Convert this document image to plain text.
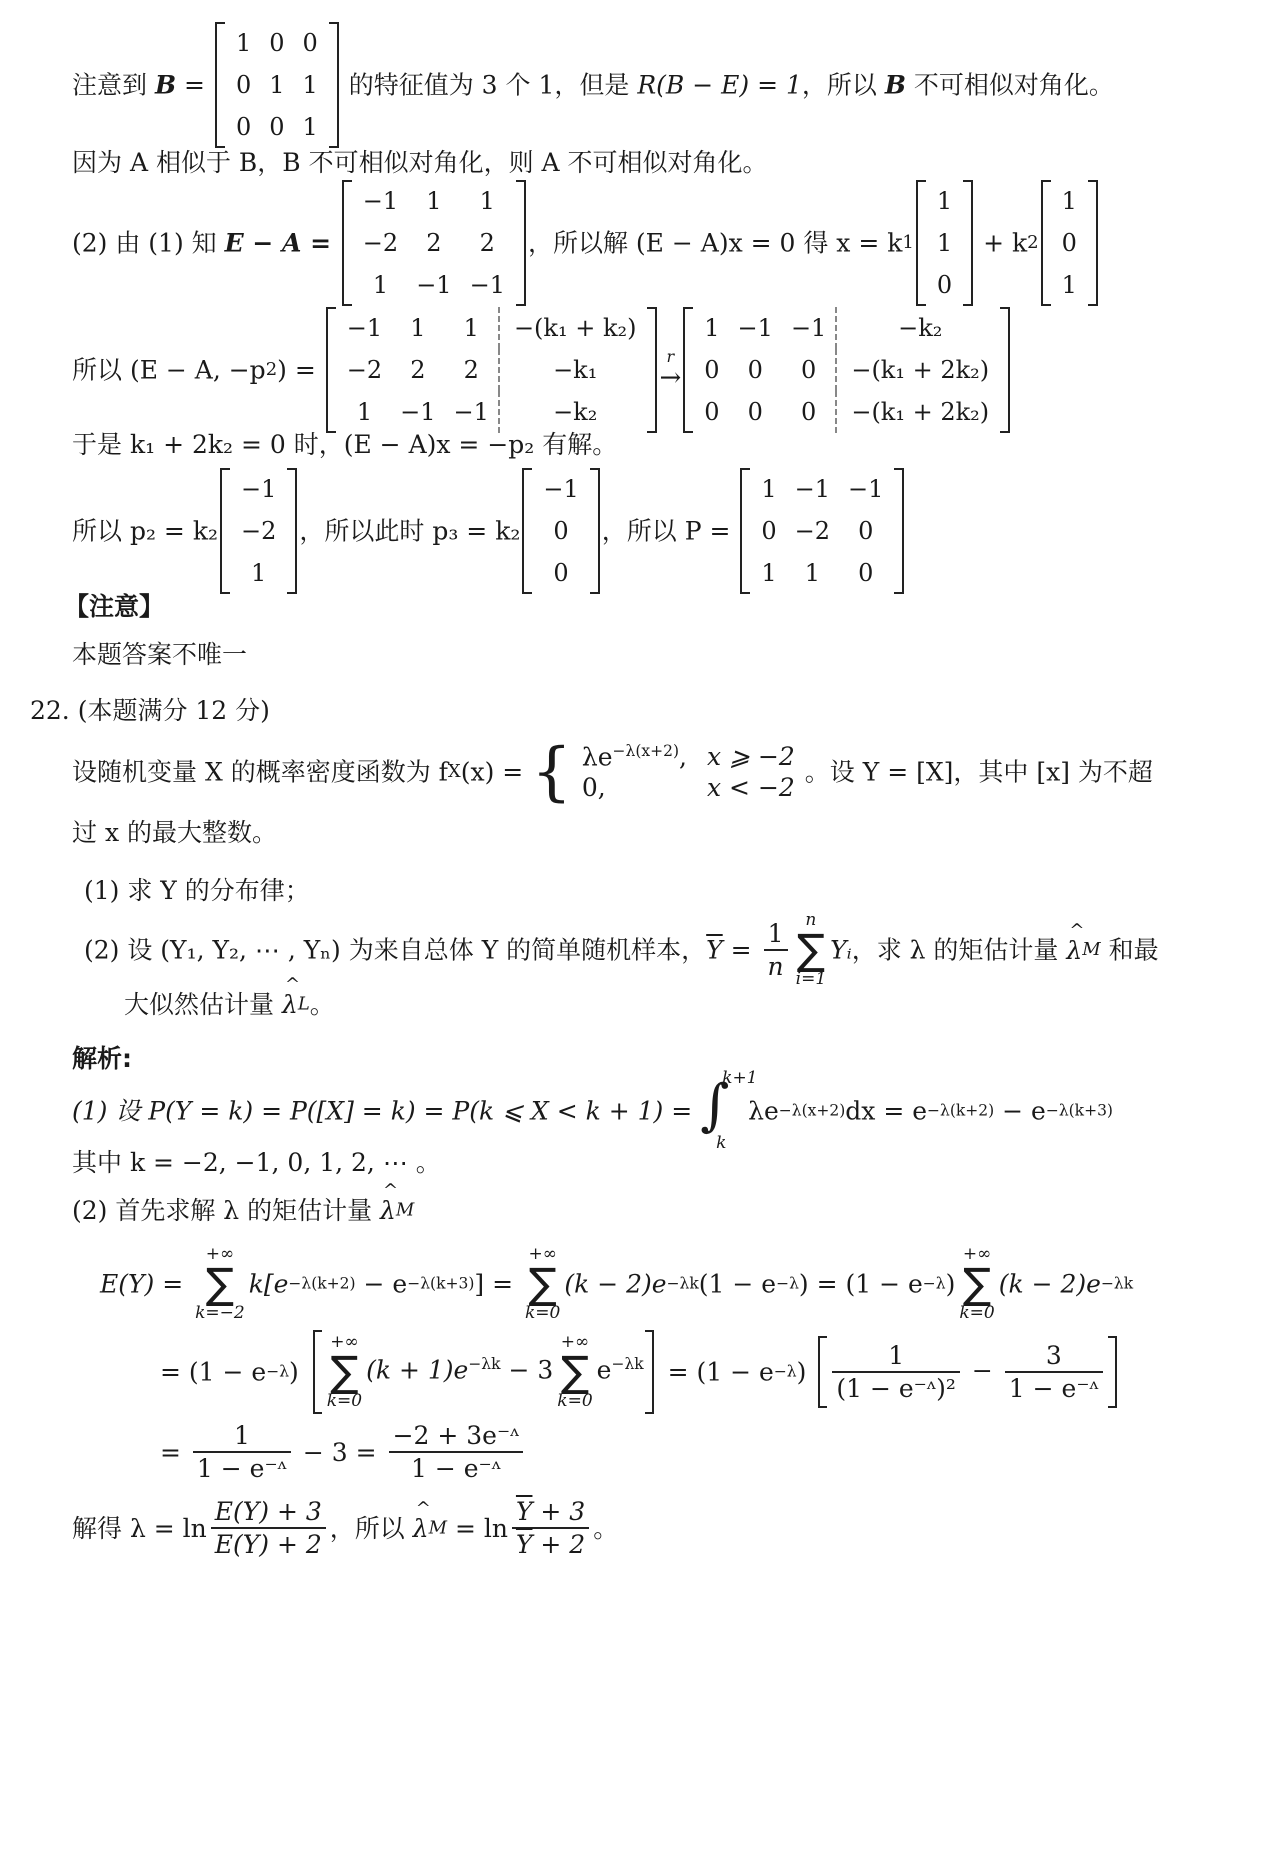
注意到 B =
1	0	0
0	1	1
0	0	1
的特征值为 3 个 1，但是 R(B − E) = 1，所以 B 不可相似对角化。
因为 A 相似于 B，B 不可相似对角化，则 A 不可相似对角化。
(2) 由 (1) 知 E − A =
−1	1	1
−2	2	2
1	−1	−1
，所以解 (E − A)x = 0 得 x = k1
1
1
0
+ k2
1
0
1
所以 (E − A, −p2) =
−1	1	1	−(k₁ + k₂)
−2	2	2	−k₁
1	−1	−1	−k₂
r
→
1	−1	−1	−k₂
0	0	0	−(k₁ + 2k₂)
0	0	0	−(k₁ + 2k₂)
于是 k₁ + 2k₂ = 0 时，(E − A)x = −p₂ 有解。
所以 p₂ = k₂
−1
−2
1
，所以此时 p₃ = k₂
−1
0
0
，所以 P =
1	−1	−1
0	−2	0
1	1	0
【注意】
本题答案不唯一
22. (本题满分 12 分)
设随机变量 X 的概率密度函数为 fX(x) = { $\lambda e^{-\lambda(x+2)}$,	x ⩾ −2
0,	x < −2
。设 Y = [X]，其中 [x] 为不超
过 x 的最大整数。
(1) 求 Y 的分布律；
(2) 设 (Y₁, Y₂, ⋯ , Yₙ) 为来自总体 Y 的简单随机样本，$\overline{Y} = \frac{1}{n}$	n
∑
i=1
Yᵢ，求 λ 的矩估计量 ^ λM 和最
大似然估计量 ^ λL。
解析:
(1) 设 P(Y = k) = P([X] = k) = P(k ⩽ X < k + 1) = ∫
k+1
k
λe−λ(x+2)dx = e−λ(k+2) − e−λ(k+3)
其中 k = −2, −1, 0, 1, 2, ⋯ 。
(2) 首先求解 λ 的矩估计量 ^ λM
E(Y) =
+∞
∑
k=−2
k[e−λ(k+2) − e−λ(k+3)] =
+∞
∑
k=0
(k − 2)e−λk(1 − e−λ) = (1 − e−λ)
+∞
∑
k=0
(k − 2)e−λk
= (1 − e−λ)
+∞
∑
k=0
$(k + 1)e^{-\lambda k} - 3$
+∞
∑
k=0
$e^{-\lambda k} = (1 - e-\lambda) \frac{1}{\text{(1 − e⁻ᶺ)²}} - \frac{3}{\text{1 − e⁻ᶺ}}$
= $\frac{1}{\text{1 − e⁻ᶺ}} - 3 = \frac{\text{−2 + 3e⁻ᶺ}}{\text{1 − e⁻ᶺ}}$
解得 $\lambda = \ln \frac{E(Y) + 3}{E(Y) + 2}$ ，所以 ^ $\lambda M = \ln \frac{\overline{Y} + 3}{\overline{Y} + 2}$ 。
